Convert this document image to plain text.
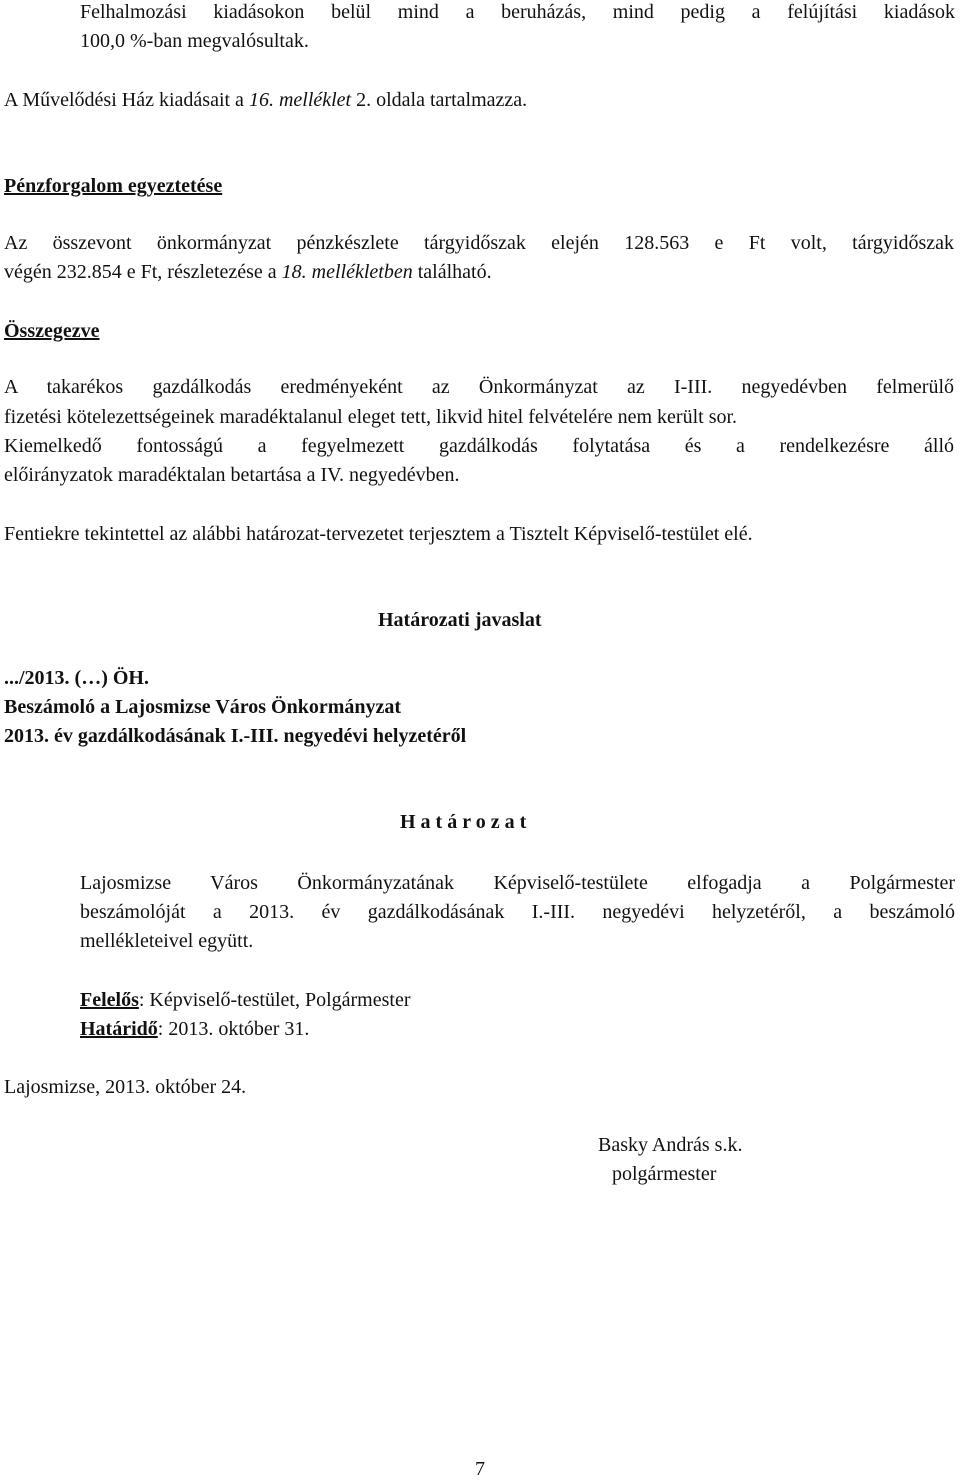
Felhalmozási kiadásokon belül mind a beruházás, mind pedig a felújítási kiadások
100,0 %-ban megvalósultak.
A Művelődési Ház kiadásait a 16. melléklet 2. oldala tartalmazza.
Pénzforgalom egyeztetése
Az összevont önkormányzat pénzkészlete tárgyidőszak elején 128.563 e Ft volt, tárgyidőszak
végén 232.854 e Ft, részletezése a 18. mellékletben található.
Összegezve
A takarékos gazdálkodás eredményeként az Önkormányzat az I-III. negyedévben felmerülő
fizetési kötelezettségeinek maradéktalanul eleget tett, likvid hitel felvételére nem került sor.
Kiemelkedő fontosságú a fegyelmezett gazdálkodás folytatása és a rendelkezésre álló
előirányzatok maradéktalan betartása a IV. negyedévben.
Fentiekre tekintettel az alábbi határozat-tervezetet terjesztem a Tisztelt Képviselő-testület elé.
Határozati javaslat
.../2013. (…) ÖH.
Beszámoló a Lajosmizse Város Önkormányzat
2013. év gazdálkodásának I.-III. negyedévi helyzetéről
Határozat
Lajosmizse Város Önkormányzatának Képviselő-testülete elfogadja a Polgármester
beszámolóját a 2013. év gazdálkodásának I.-III. negyedévi helyzetéről, a beszámoló
mellékleteivel együtt.
Felelős: Képviselő-testület, Polgármester
Határidő: 2013. október 31.
Lajosmizse, 2013. október 24.
Basky András s.k.
polgármester
7
